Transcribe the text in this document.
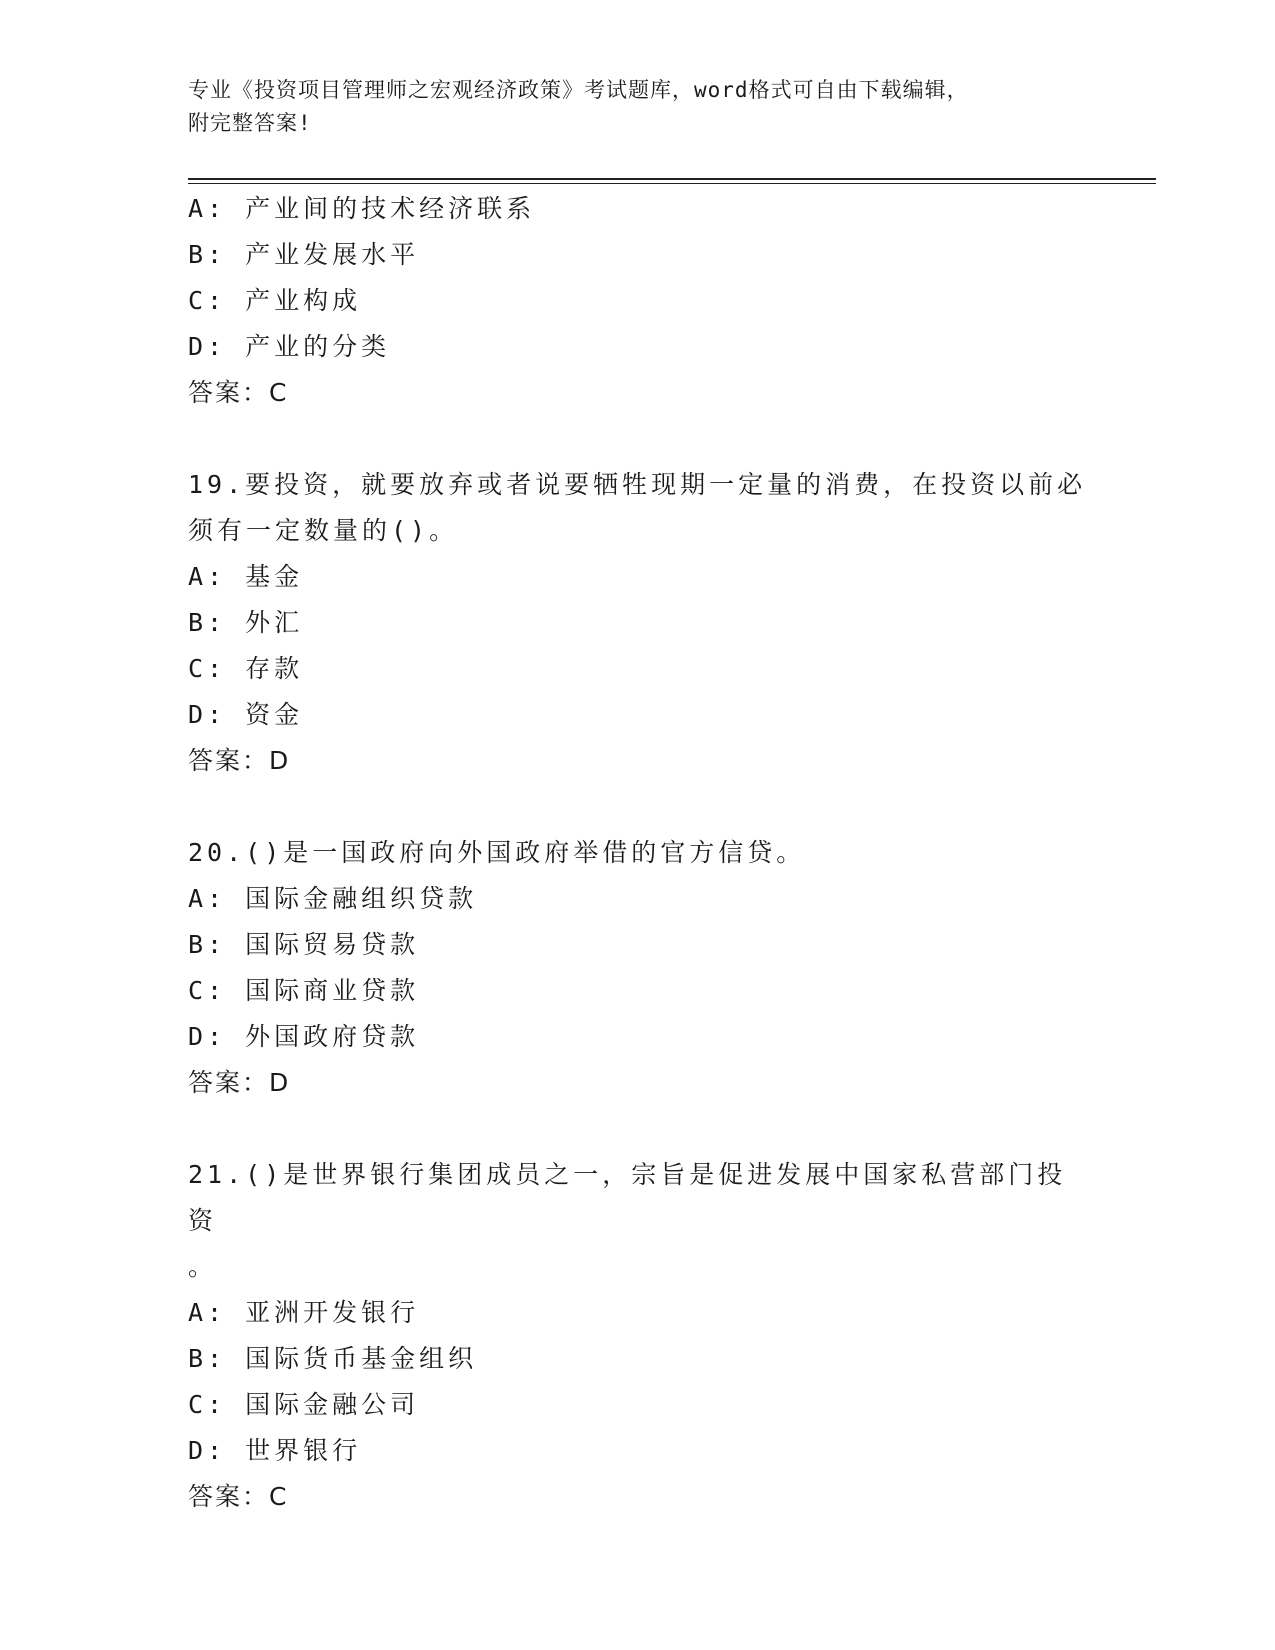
专业《投资项目管理师之宏观经济政策》考试题库，word格式可自由下载编辑，
附完整答案!
A: 产业间的技术经济联系
B: 产业发展水平
C: 产业构成
D: 产业的分类
答案：C
19.要投资，就要放弃或者说要牺牲现期一定量的消费，在投资以前必
须有一定数量的()。
A: 基金
B: 外汇
C: 存款
D: 资金
答案：D
20.()是一国政府向外国政府举借的官方信贷。
A: 国际金融组织贷款
B: 国际贸易贷款
C: 国际商业贷款
D: 外国政府贷款
答案：D
21.()是世界银行集团成员之一，宗旨是促进发展中国家私营部门投资
。
A: 亚洲开发银行
B: 国际货币基金组织
C: 国际金融公司
D: 世界银行
答案：C
